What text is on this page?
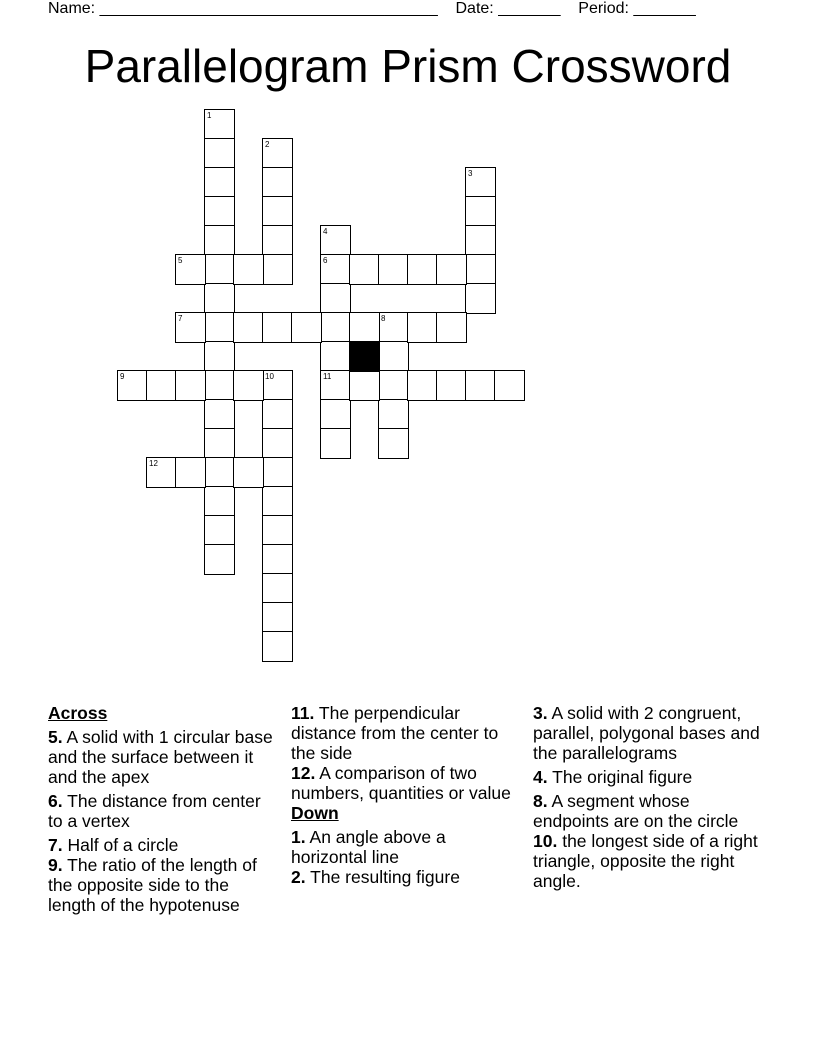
Name: ______________________________________ Date: _______ Period: _______
Parallelogram Prism Crossword
1
2
3
4
6
11
8
10
5
7
9
12
Across
5. A solid with 1 circular base and the surface between it and the apex
6. The distance from center to a vertex
7. Half of a circle
9. The ratio of the length of the opposite side to the length of the hypotenuse
11. The perpendicular distance from the center to the side
12. A comparison of two numbers, quantities or value
Down
1. An angle above a horizontal line
2. The resulting figure
3. A solid with 2 congruent, parallel, polygonal bases and the parallelograms
4. The original figure
8. A segment whose endpoints are on the circle
10. the longest side of a right triangle, opposite the right angle.
